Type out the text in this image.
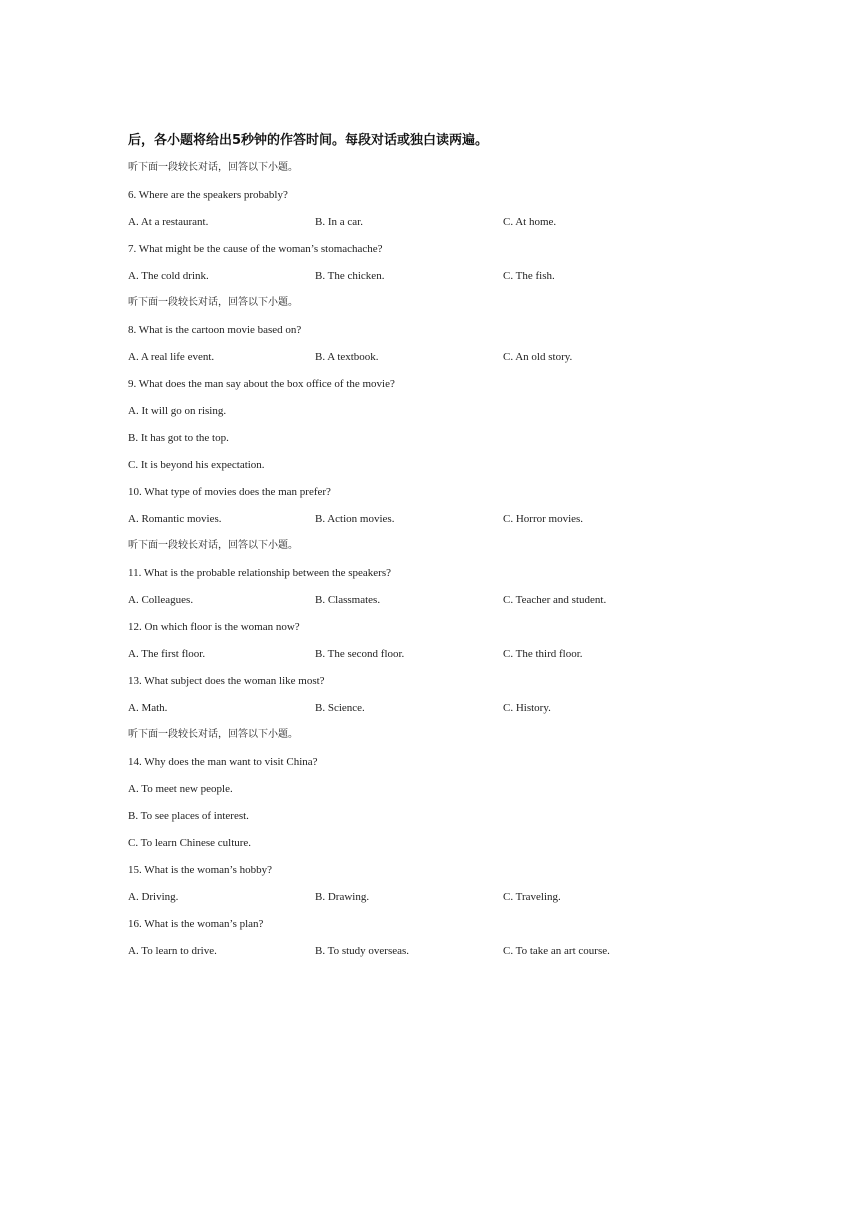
后，各小题将给出5秒钟的作答时间。每段对话或独白读两遍。
听下面一段较长对话，回答以下小题。
6. Where are the speakers probably?
A. At a restaurant.	B. In a car.	C. At home.
7. What might be the cause of the woman’s stomachache?
A. The cold drink.	B. The chicken.	C. The fish.
听下面一段较长对话，回答以下小题。
8. What is the cartoon movie based on?
A. A real life event.	B. A textbook.	C. An old story.
9. What does the man say about the box office of the movie?
A. It will go on rising.
B. It has got to the top.
C. It is beyond his expectation.
10. What type of movies does the man prefer?
A. Romantic movies.	B. Action movies.	C. Horror movies.
听下面一段较长对话，回答以下小题。
11. What is the probable relationship between the speakers?
A. Colleagues.	B. Classmates.	C. Teacher and student.
12. On which floor is the woman now?
A. The first floor.	B. The second floor.	C. The third floor.
13. What subject does the woman like most?
A. Math.	B. Science.	C. History.
听下面一段较长对话，回答以下小题。
14. Why does the man want to visit China?
A. To meet new people.
B. To see places of interest.
C. To learn Chinese culture.
15. What is the woman’s hobby?
A. Driving.	B. Drawing.	C. Traveling.
16. What is the woman’s plan?
A. To learn to drive.	B. To study overseas.	C. To take an art course.
